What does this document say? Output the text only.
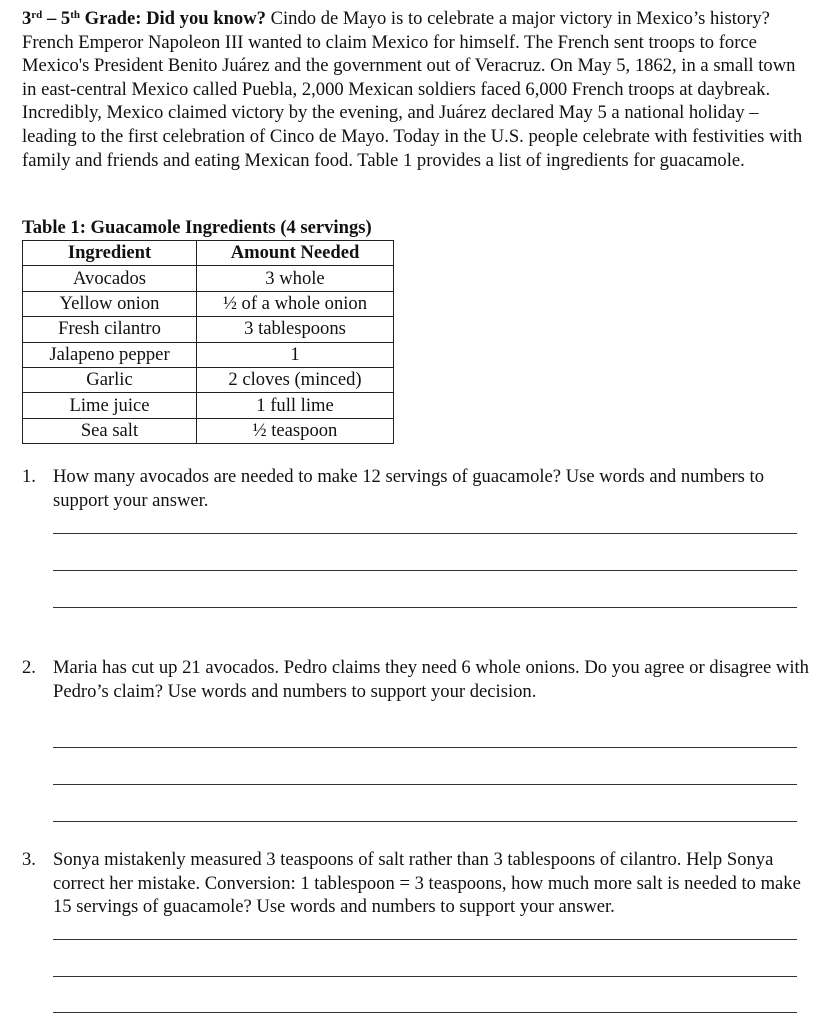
3rd – 5th Grade: Did you know? Cindo de Mayo is to celebrate a major victory in Mexico’s history? French Emperor Napoleon III wanted to claim Mexico for himself. The French sent troops to force Mexico's President Benito Juárez and the government out of Veracruz. On May 5, 1862, in a small town in east-central Mexico called Puebla, 2,000 Mexican soldiers faced 6,000 French troops at daybreak. Incredibly, Mexico claimed victory by the evening, and Juárez declared May 5 a national holiday – leading to the first celebration of Cinco de Mayo. Today in the U.S. people celebrate with festivities with family and friends and eating Mexican food. Table 1 provides a list of ingredients for guacamole.

Table 1: Guacamole Ingredients (4 servings)
Ingredient	Amount Needed
Avocados	3 whole
Yellow onion	½ of a whole onion
Fresh cilantro	3 tablespoons
Jalapeno pepper	1
Garlic	2 cloves (minced)
Lime juice	1 full lime
Sea salt	½ teaspoon
1. How many avocados are needed to make 12 servings of guacamole? Use words and numbers to support your answer.
2. Maria has cut up 21 avocados. Pedro claims they need 6 whole onions. Do you agree or disagree with Pedro’s claim? Use words and numbers to support your decision.
3. Sonya mistakenly measured 3 teaspoons of salt rather than 3 tablespoons of cilantro. Help Sonya correct her mistake. Conversion: 1 tablespoon = 3 teaspoons, how much more salt is needed to make 15 servings of guacamole? Use words and numbers to support your answer.
